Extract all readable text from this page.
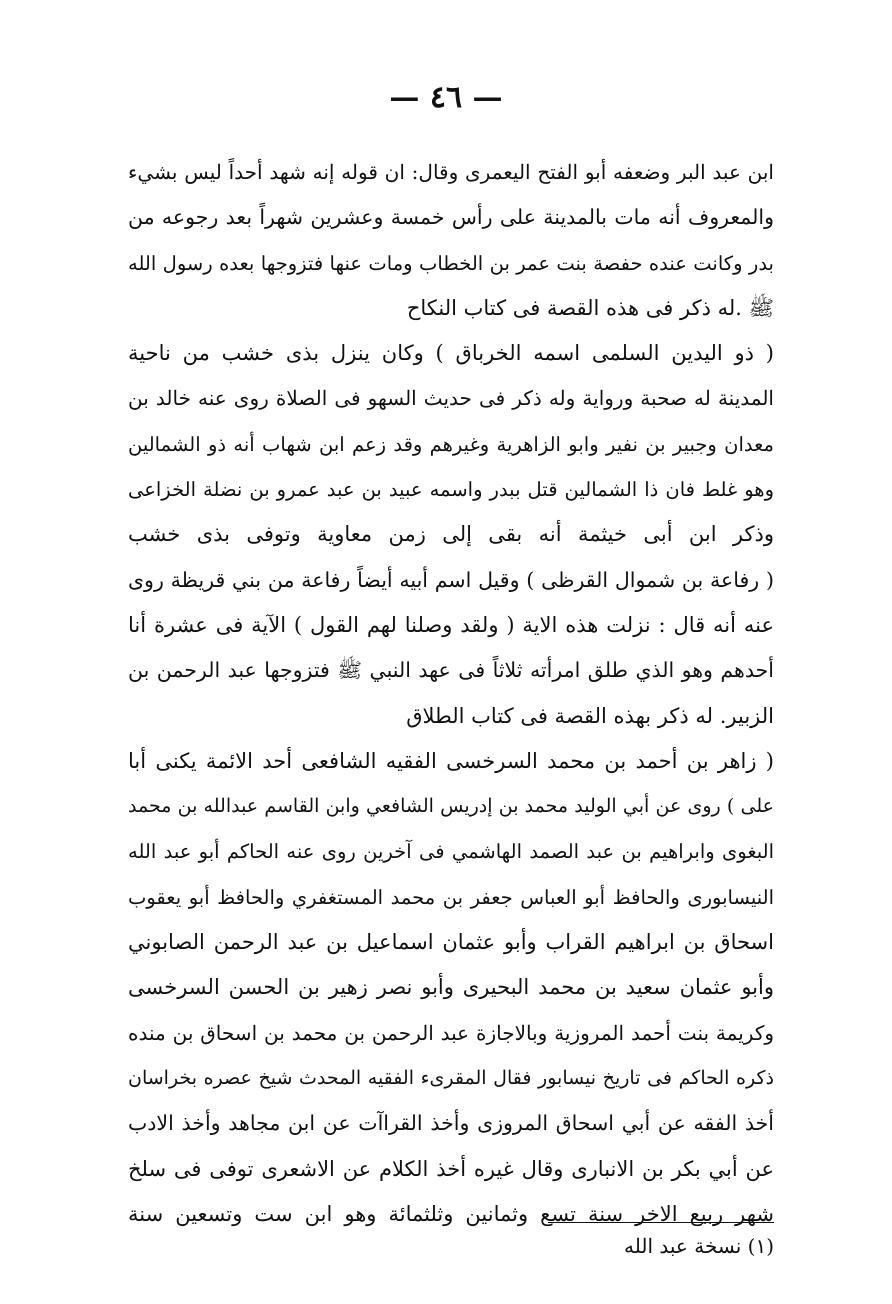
— ٤٦ —
ابن عبد البر وضعفه أبو الفتح اليعمرى وقال: ان قوله إنه شهد أحداً ليس بشيء
والمعروف أنه مات بالمدينة على رأس خمسة وعشرين شهراً بعد رجوعه من
بدر وكانت عنده حفصة بنت عمر بن الخطاب ومات عنها فتزوجها بعده رسول الله
ﷺ .له ذكر فى هذه القصة فى كتاب النكاح
( ذو اليدين السلمى اسمه الخرباق ) وكان ينزل بذى خشب من ناحية
المدينة له صحبة ورواية وله ذكر فى حديث السهو فى الصلاة روى عنه خالد بن
معدان وجبير بن نفير وابو الزاهرية وغيرهم وقد زعم ابن شهاب أنه ذو الشمالين
وهو غلط فان ذا الشمالين قتل ببدر واسمه عبيد بن عبد عمرو بن نضلة الخزاعى
وذكر ابن أبى خيثمة أنه بقى إلى زمن معاوية وتوفى بذى خشب
( رفاعة بن شموال القرظى ) وقيل اسم أبيه أيضاً رفاعة من بني قريظة روى
عنه أنه قال : نزلت هذه الاية ( ولقد وصلنا لهم القول ) الآية فى عشرة أنا
أحدهم وهو الذي طلق امرأته ثلاثاً فى عهد النبي ﷺ فتزوجها عبد الرحمن بن
الزبير. له ذكر بهذه القصة فى كتاب الطلاق
( زاهر بن أحمد بن محمد السرخسى الفقيه الشافعى أحد الائمة يكنى أبا
على ) روى عن أبي الوليد محمد بن إدريس الشافعي وابن القاسم عبدالله بن محمد
البغوى وابراهيم بن عبد الصمد الهاشمي فى آخرين روى عنه الحاكم أبو عبد الله
النيسابورى والحافظ أبو العباس جعفر بن محمد المستغفري والحافظ أبو يعقوب
اسحاق بن ابراهيم القراب وأبو عثمان اسماعيل بن عبد الرحمن الصابوني
وأبو عثمان سعيد بن محمد البحيرى وأبو نصر زهير بن الحسن السرخسى
وكريمة بنت أحمد المروزية وبالاجازة عبد الرحمن بن محمد بن اسحاق بن منده
ذكره الحاكم فى تاريخ نيسابور فقال المقرىء الفقيه المحدث شيخ عصره بخراسان
أخذ الفقه عن أبي اسحاق المروزى وأخذ القراآت عن ابن مجاهد وأخذ الادب
عن أبي بكر بن الانبارى وقال غيره أخذ الكلام عن الاشعرى توفى فى سلخ
شهر ربيع الاخر سنة تسع وثمانين وثلثمائة وهو ابن ست وتسعين سنة
(١) نسخة عبد الله
